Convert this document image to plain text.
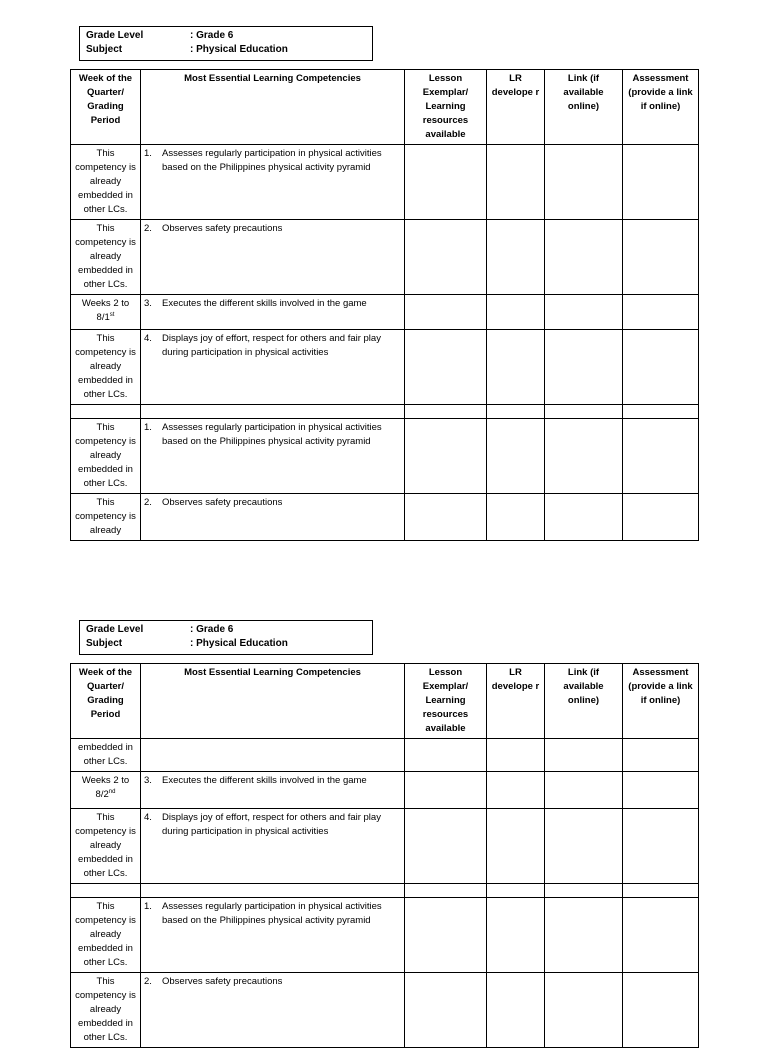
Grade Level	: Grade 6
Subject	: Physical Education
Week of the Quarter/ Grading Period	Most Essential Learning Competencies	Lesson Exemplar/ Learning resources available	LR develope r	Link (if available online)	Assessment (provide a link if online)
This competency is already embedded in other LCs.	1. Assesses regularly participation in physical activities based on the Philippines physical activity pyramid				

This competency is already embedded in other LCs.	2. Observes safety precautions				

Weeks 2 to 8/1st	3. Executes the different skills involved in the game				

This competency is already embedded in other LCs.	4. Displays joy of effort, respect for others and fair play during participation in physical activities				

This competency is already embedded in other LCs.	1. Assesses regularly participation in physical activities based on the Philippines physical activity pyramid				

This competency is already	2. Observes safety precautions				

Grade Level	: Grade 6
Subject	: Physical Education
Week of the Quarter/ Grading Period	Most Essential Learning Competencies	Lesson Exemplar/ Learning resources available	LR develope r	Link (if available online)	Assessment (provide a link if online)
embedded in other LCs.					
Weeks 2 to 8/2nd	3. Executes the different skills involved in the game				

This competency is already embedded in other LCs.	4. Displays joy of effort, respect for others and fair play during participation in physical activities				

This competency is already embedded in other LCs.	1. Assesses regularly participation in physical activities based on the Philippines physical activity pyramid				

This competency is already embedded in other LCs.	2. Observes safety precautions				
